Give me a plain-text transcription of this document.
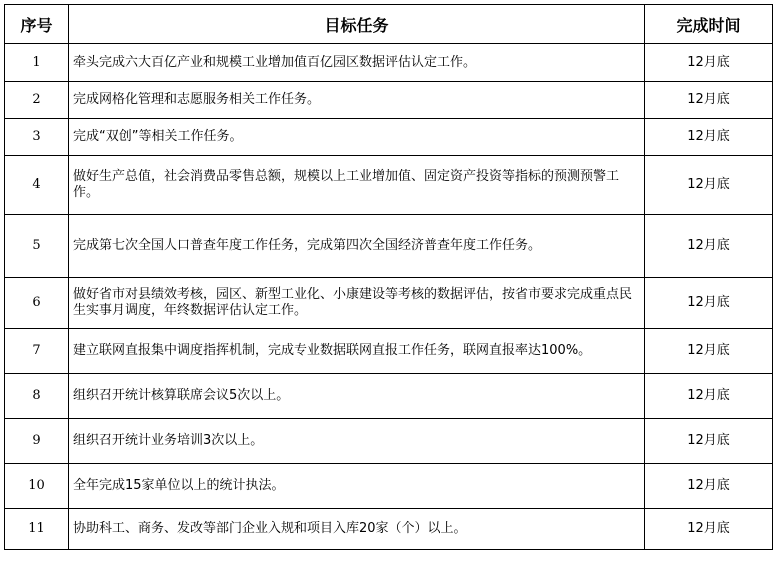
序号	目标任务	完成时间
1	牵头完成六大百亿产业和规模工业增加值百亿园区数据评估认定工作。	12月底
2	完成网格化管理和志愿服务相关工作任务。	12月底
3	完成“双创”等相关工作任务。	12月底
4	做好生产总值，社会消费品零售总额，规模以上工业增加值、固定资产投资等指标的预测预警工作。	12月底
5	完成第七次全国人口普查年度工作任务，完成第四次全国经济普查年度工作任务。	12月底
6	做好省市对县绩效考核，园区、新型工业化、小康建设等考核的数据评估，按省市要求完成重点民生实事月调度，年终数据评估认定工作。	12月底
7	建立联网直报集中调度指挥机制，完成专业数据联网直报工作任务，联网直报率达100%。	12月底
8	组织召开统计核算联席会议5次以上。	12月底
9	组织召开统计业务培训3次以上。	12月底
10	全年完成15家单位以上的统计执法。	12月底
11	协助科工、商务、发改等部门企业入规和项目入库20家（个）以上。	12月底
